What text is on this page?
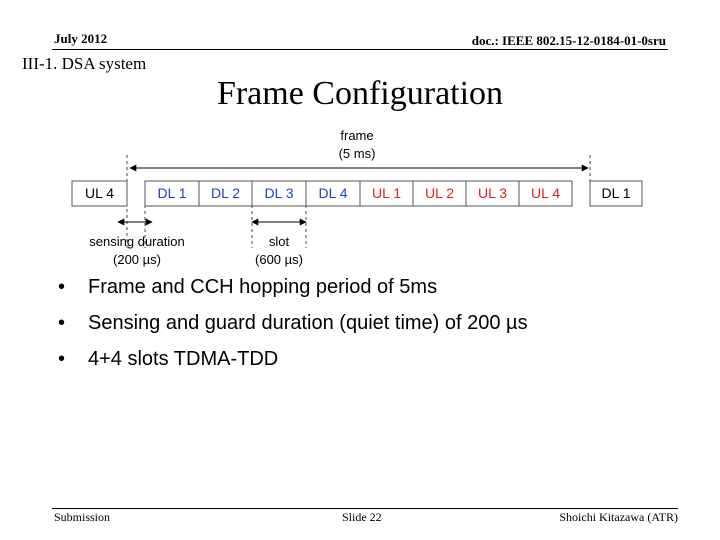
July 2012	doc.: IEEE 802.15-12-0184-01-0sru
III-1. DSA system
Frame Configuration
frame
(5 ms)
UL 4	DL 1 DL 2 DL 3 DL 4 UL 1 UL 2 UL 3 UL 4	DL 1
sensing duration
(200 µs)
slot
(600 µs)
• Frame and CCH hopping period of 5ms
• Sensing and guard duration (quiet time) of 200 µs
• 4+4 slots TDMA-TDD
Submission	Slide 22	Shoichi Kitazawa (ATR)
